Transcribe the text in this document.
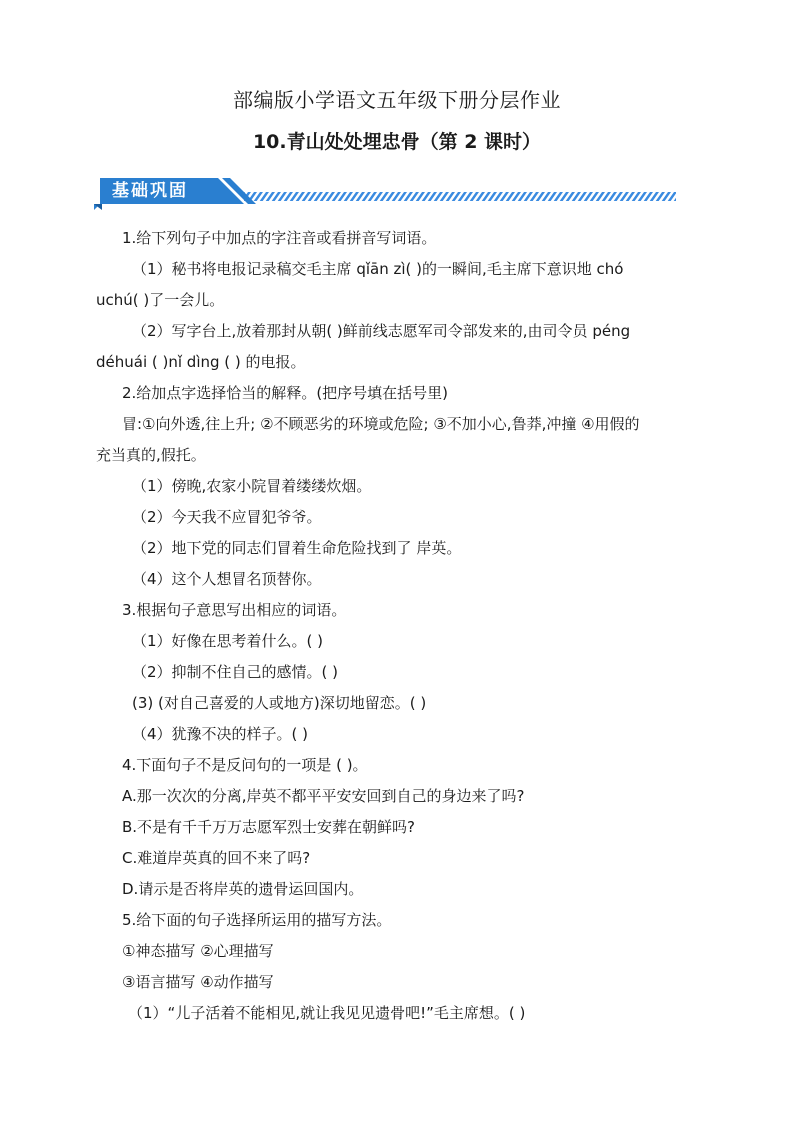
部编版小学语文五年级下册分层作业
10.青山处处埋忠骨（第 2 课时）
基础巩固
1.给下列句子中加点的字注音或看拼音写词语。
（1）秘书将电报记录稿交毛主席 qǐān zì( )的一瞬间,毛主席下意识地 chó
uchú( )了一会儿。
（2）写字台上,放着那封从朝( )鲜前线志愿军司令部发来的,由司令员 péng
déhuái ( )nǐ dìng ( ) 的电报。
2.给加点字选择恰当的解释。(把序号填在括号里)
冒:①向外透,往上升; ②不顾恶劣的环境或危险; ③不加小心,鲁莽,冲撞 ④用假的
充当真的,假托。
（1）傍晚,农家小院冒着缕缕炊烟。
（2）今天我不应冒犯爷爷。
（2）地下党的同志们冒着生命危险找到了 岸英。
（4）这个人想冒名顶替你。
3.根据句子意思写出相应的词语。
（1）好像在思考着什么。( )
（2）抑制不住自己的感情。( )
(3) (对自己喜爱的人或地方)深切地留恋。( )
（4）犹豫不决的样子。( )
4.下面句子不是反问句的一项是 ( )。
A.那一次次的分离,岸英不都平平安安回到自己的身边来了吗?
B.不是有千千万万志愿军烈士安葬在朝鲜吗?
C.难道岸英真的回不来了吗?
D.请示是否将岸英的遗骨运回国内。
5.给下面的句子选择所运用的描写方法。
①神态描写 ②心理描写
③语言描写 ④动作描写
（1）“儿子活着不能相见,就让我见见遗骨吧!”毛主席想。( )
